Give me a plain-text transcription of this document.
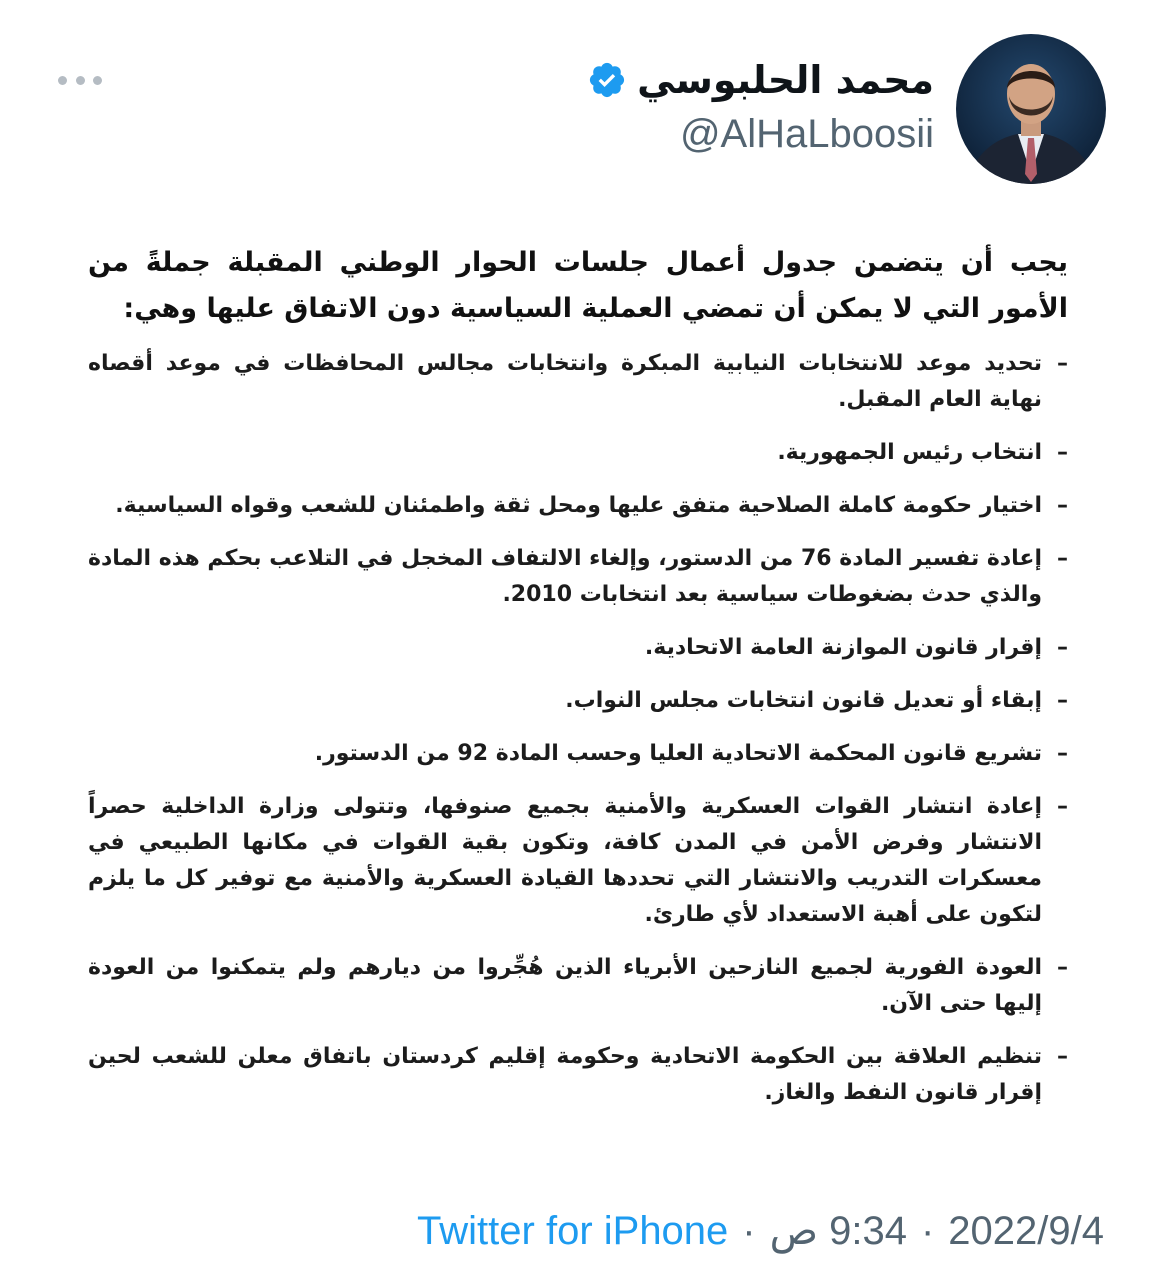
محمد الحلبوسي
@AlHaLboosii

يجب أن يتضمن جدول أعمال جلسات الحوار الوطني المقبلة جملةً من الأمور التي لا يمكن أن تمضي العملية السياسية دون الاتفاق عليها وهي:

–
تحديد موعد للانتخابات النيابية المبكرة وانتخابات مجالس المحافظات في موعد أقصاه نهاية العام المقبل.
–
انتخاب رئيس الجمهورية.
–
اختيار حكومة كاملة الصلاحية متفق عليها ومحل ثقة واطمئنان للشعب وقواه السياسية.
–
إعادة تفسير المادة 76 من الدستور، وإلغاء الالتفاف المخجل في التلاعب بحكم هذه المادة والذي حدث بضغوطات سياسية بعد انتخابات 2010.
–
إقرار قانون الموازنة العامة الاتحادية.
–
إبقاء أو تعديل قانون انتخابات مجلس النواب.
–
تشريع قانون المحكمة الاتحادية العليا وحسب المادة 92 من الدستور.
–
إعادة انتشار القوات العسكرية والأمنية بجميع صنوفها، وتتولى وزارة الداخلية حصراً الانتشار وفرض الأمن في المدن كافة، وتكون بقية القوات في مكانها الطبيعي في معسكرات التدريب والانتشار التي تحددها القيادة العسكرية والأمنية مع توفير كل ما يلزم لتكون على أهبة الاستعداد لأي طارئ.
–
العودة الفورية لجميع النازحين الأبرياء الذين هُجِّروا من ديارهم ولم يتمكنوا من العودة إليها حتى الآن.
–
تنظيم العلاقة بين الحكومة الاتحادية وحكومة إقليم كردستان باتفاق معلن للشعب لحين إقرار قانون النفط والغاز.
Twitter for iPhone · 9:34 ص · 2022/9/4
